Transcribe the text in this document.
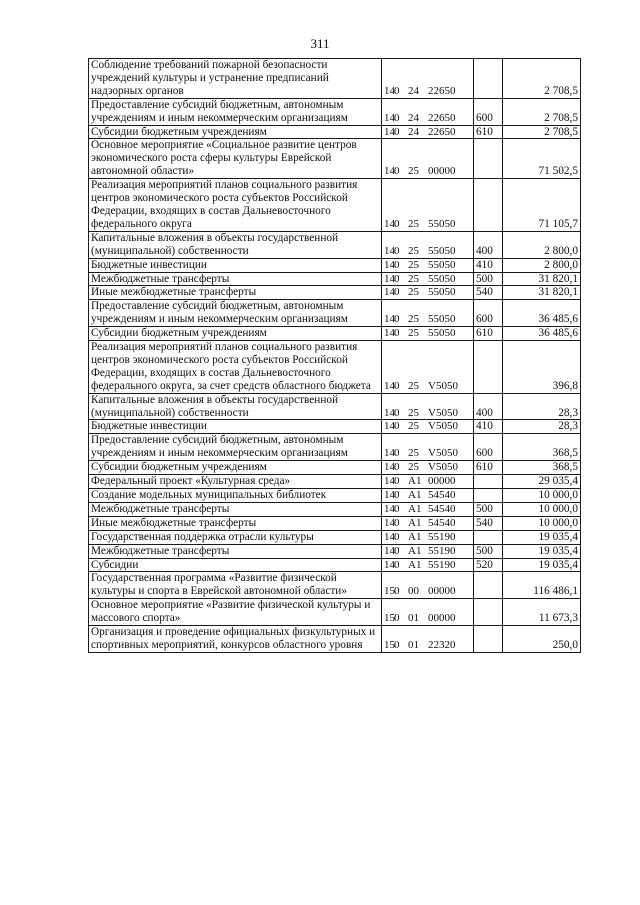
311
Соблюдение требований пожарной безопасности учреждений культуры и устранение предписаний надзорных органов	140 24 22650		2 708,5
Предоставление субсидий бюджетным, автономным учреждениям и иным некоммерческим организациям	140 24 22650	600	2 708,5
Субсидии бюджетным учреждениям	140 24 22650	610	2 708,5
Основное мероприятие «Социальное развитие центров экономического роста сферы культуры Еврейской автономной области»	140 25 00000		71 502,5
Реализация мероприятий планов социального развития центров экономического роста субъектов Российской Федерации, входящих в состав Дальневосточного федерального округа	140 25 55050		71 105,7
Капитальные вложения в объекты государственной (муниципальной) собственности	140 25 55050	400	2 800,0
Бюджетные инвестиции	140 25 55050	410	2 800,0
Межбюджетные трансферты	140 25 55050	500	31 820,1
Иные межбюджетные трансферты	140 25 55050	540	31 820,1
Предоставление субсидий бюджетным, автономным учреждениям и иным некоммерческим организациям	140 25 55050	600	36 485,6
Субсидии бюджетным учреждениям	140 25 55050	610	36 485,6
Реализация мероприятий планов социального развития центров экономического роста субъектов Российской Федерации, входящих в состав Дальневосточного федерального округа, за счет средств областного бюджета	140 25 V5050		396,8
Капитальные вложения в объекты государственной (муниципальной) собственности	140 25 V5050	400	28,3
Бюджетные инвестиции	140 25 V5050	410	28,3
Предоставление субсидий бюджетным, автономным учреждениям и иным некоммерческим организациям	140 25 V5050	600	368,5
Субсидии бюджетным учреждениям	140 25 V5050	610	368,5
Федеральный проект «Культурная среда»	140 A1 00000		29 035,4
Создание модельных муниципальных библиотек	140 A1 54540		10 000,0
Межбюджетные трансферты	140 A1 54540	500	10 000,0
Иные межбюджетные трансферты	140 A1 54540	540	10 000,0
Государственная поддержка отрасли культуры	140 A1 55190		19 035,4
Межбюджетные трансферты	140 A1 55190	500	19 035,4
Субсидии	140 A1 55190	520	19 035,4
Государственная программа «Развитие физической культуры и спорта в Еврейской автономной области»	150 00 00000		116 486,1
Основное мероприятие «Развитие физической культуры и массового спорта»	150 01 00000		11 673,3
Организация и проведение официальных физкультурных и спортивных мероприятий, конкурсов областного уровня	150 01 22320		250,0
